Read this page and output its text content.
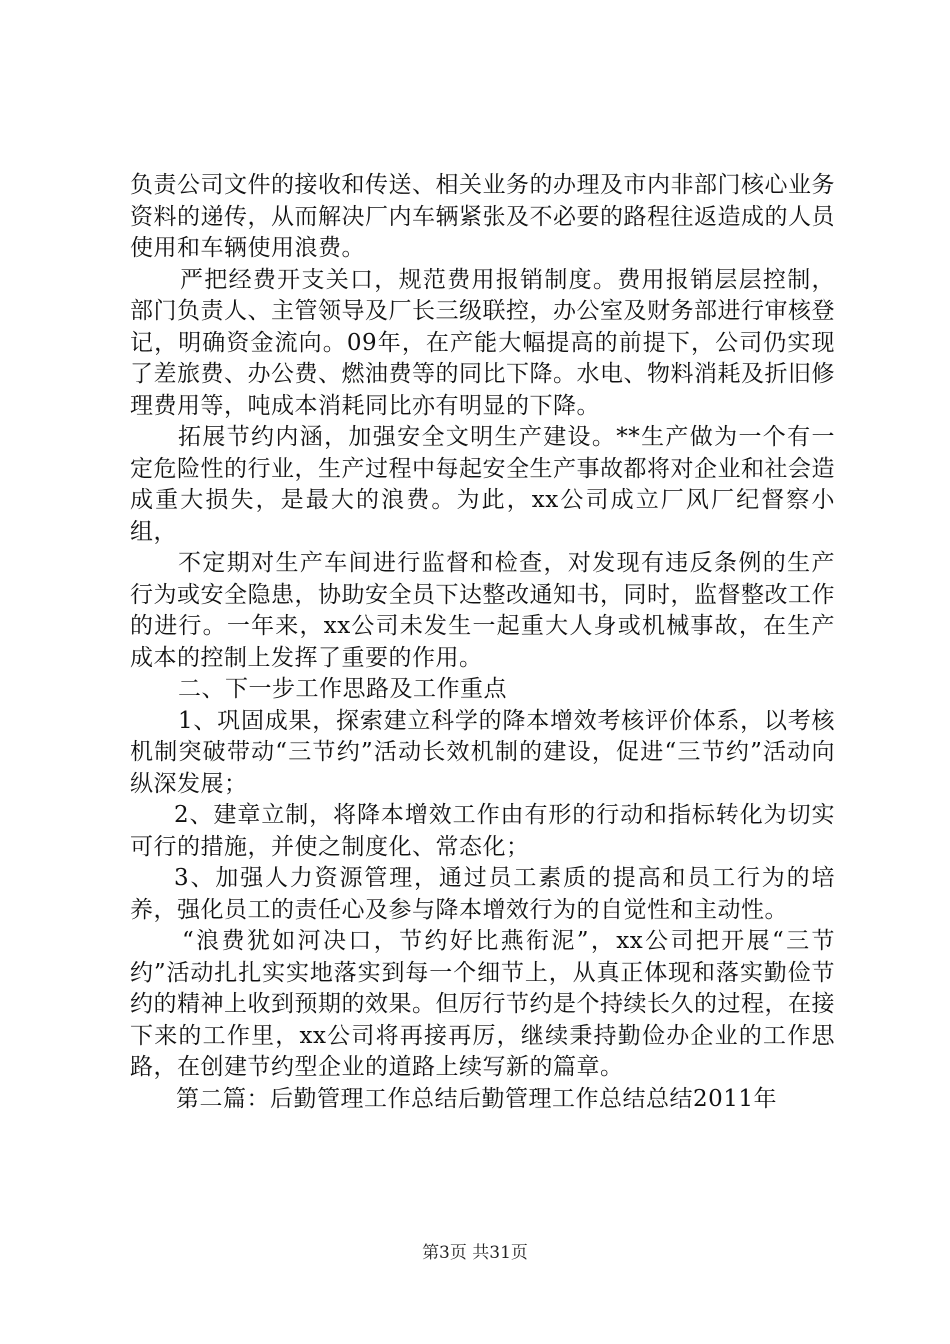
负责公司文件的接收和传送、相关业务的办理及市内非部门核心业务资料的递传，从而解决厂内车辆紧张及不必要的路程往返造成的人员使用和车辆使用浪费。

严把经费开支关口，规范费用报销制度。费用报销层层控制，部门负责人、主管领导及厂长三级联控，办公室及财务部进行审核登记，明确资金流向。09年，在产能大幅提高的前提下，公司仍实现了差旅费、办公费、燃油费等的同比下降。水电、物料消耗及折旧修理费用等，吨成本消耗同比亦有明显的下降。

拓展节约内涵，加强安全文明生产建设。**生产做为一个有一定危险性的行业，生产过程中每起安全生产事故都将对企业和社会造成重大损失，是最大的浪费。为此，xx公司成立厂风厂纪督察小组，

不定期对生产车间进行监督和检查，对发现有违反条例的生产行为或安全隐患，协助安全员下达整改通知书，同时，监督整改工作的进行。一年来，xx公司未发生一起重大人身或机械事故，在生产成本的控制上发挥了重要的作用。

二、下一步工作思路及工作重点

1、巩固成果，探索建立科学的降本增效考核评价体系，以考核机制突破带动“三节约”活动长效机制的建设，促进“三节约”活动向纵深发展；

2、建章立制，将降本增效工作由有形的行动和指标转化为切实可行的措施，并使之制度化、常态化；

3、加强人力资源管理，通过员工素质的提高和员工行为的培养，强化员工的责任心及参与降本增效行为的自觉性和主动性。

“浪费犹如河决口，节约好比燕衔泥”，xx公司把开展“三节约”活动扎扎实实地落实到每一个细节上，从真正体现和落实勤俭节约的精神上收到预期的效果。但厉行节约是个持续长久的过程，在接下来的工作里，xx公司将再接再厉，继续秉持勤俭办企业的工作思路，在创建节约型企业的道路上续写新的篇章。

第二篇：后勤管理工作总结后勤管理工作总结总结2011年

第3页 共31页
